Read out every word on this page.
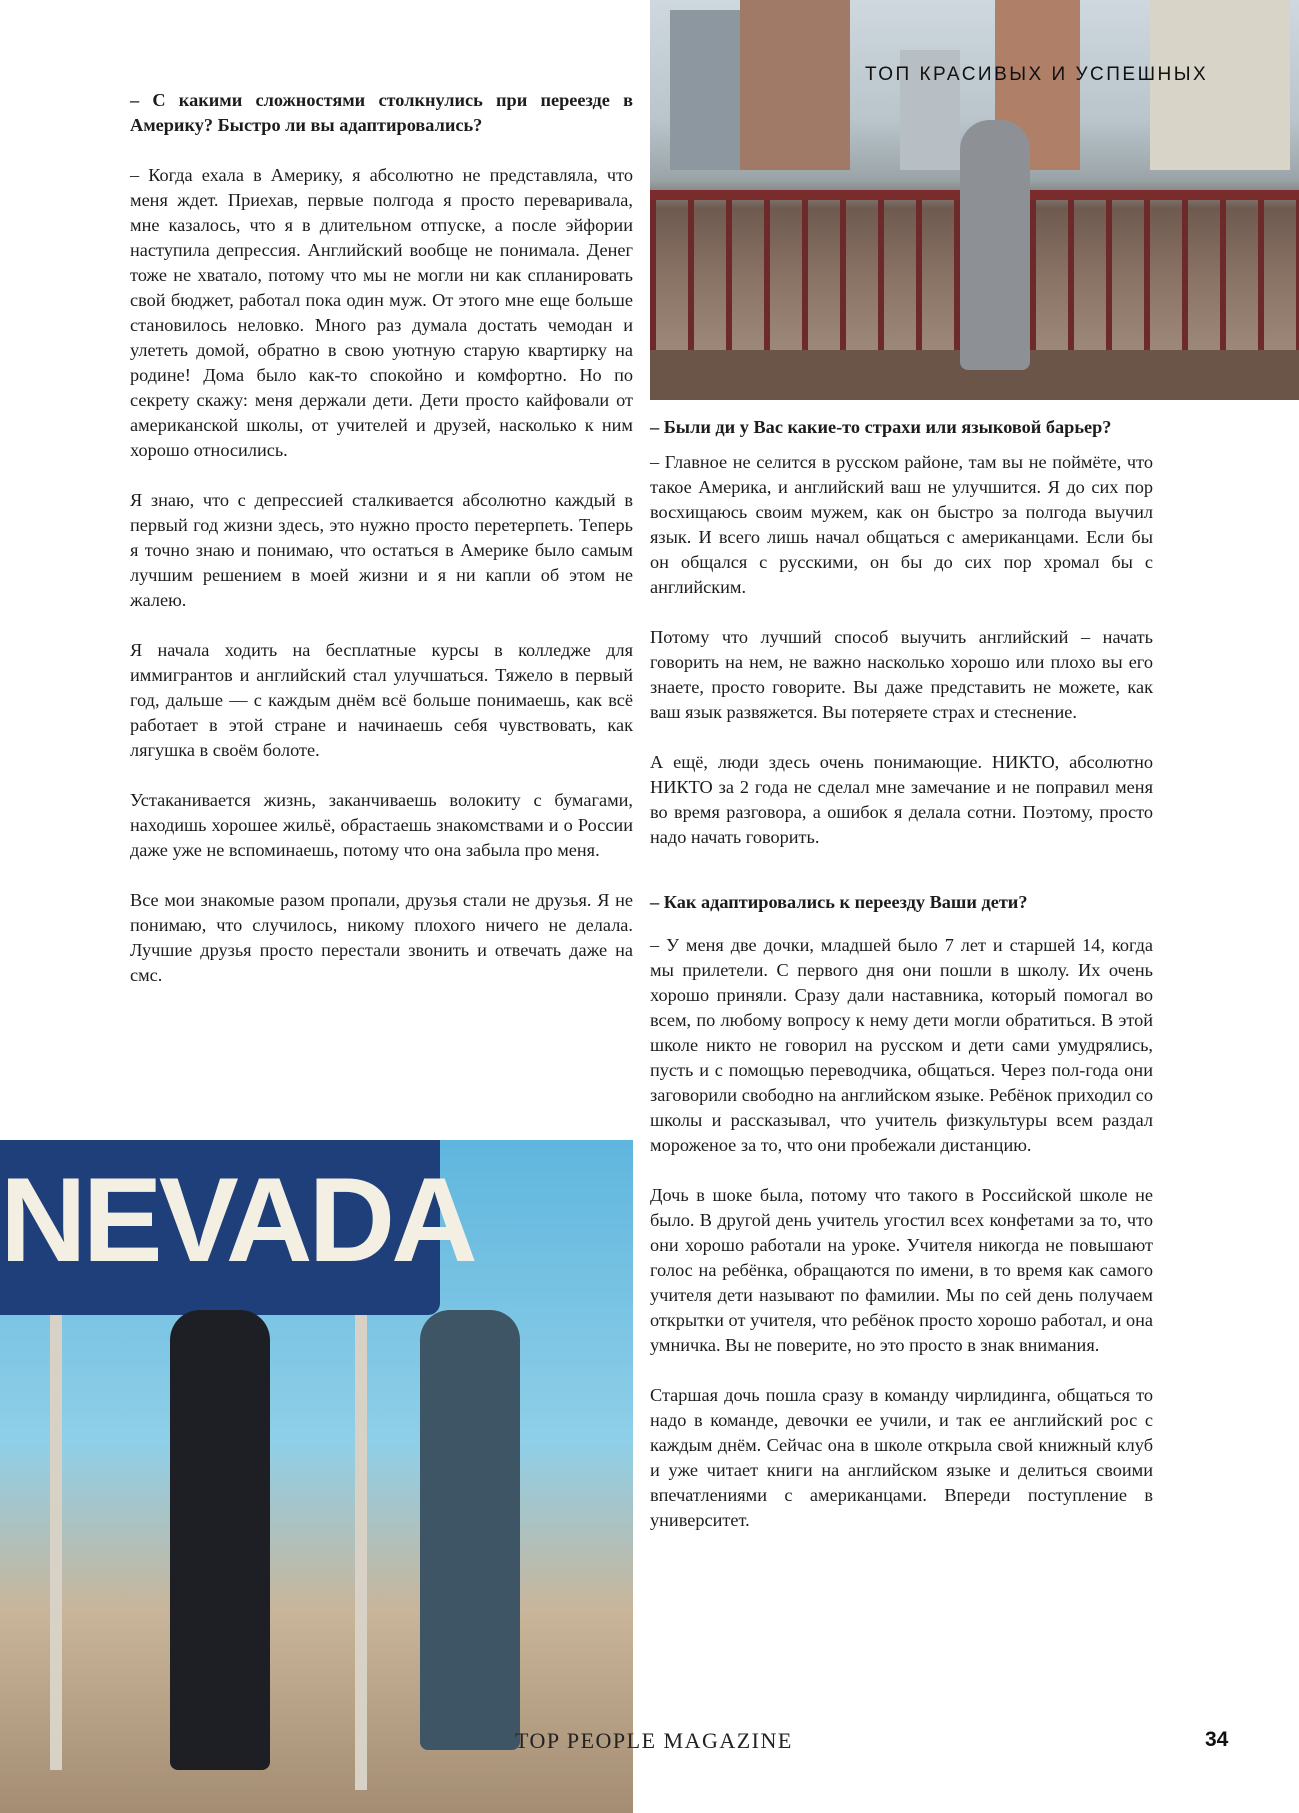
ТОП КРАСИВЫХ И УСПЕШНЫХ
NEVADA
– С какими сложностями столкнулись при переезде в Америку? Быстро ли вы адаптировались?

– Когда ехала в Америку, я абсолютно не представляла, что меня ждет. Приехав, первые полгода я просто переваривала, мне казалось, что я в длительном отпуске, а после эйфории наступила депрессия. Английский вообще не понимала. Денег тоже не хватало, потому что мы не могли ни как спланировать свой бюджет, работал пока один муж. От этого мне еще больше становилось неловко. Много раз думала достать чемодан и улететь домой, обратно в свою уютную старую квартирку на родине! Дома было как-то спокойно и комфортно. Но по секрету скажу: меня держали дети. Дети просто кайфовали от американской школы, от учителей и друзей, насколько к ним хорошо относились.

Я знаю, что с депрессией сталкивается абсолютно каждый в первый год жизни здесь, это нужно просто перетерпеть. Теперь я точно знаю и понимаю, что остаться в Америке было самым лучшим решением в моей жизни и я ни капли об этом не жалею.

Я начала ходить на бесплатные курсы в колледже для иммигрантов и английский стал улучшаться. Тяжело в первый год, дальше — с каждым днём всё больше понимаешь, как всё работает в этой стране и начинаешь себя чувствовать, как лягушка в своём болоте.

Устаканивается жизнь, заканчиваешь волокиту с бумагами, находишь хорошее жильё, обрастаешь знакомствами и о России даже уже не вспоминаешь, потому что она забыла про меня.

Все мои знакомые разом пропали, друзья стали не друзья. Я не понимаю, что случилось, никому плохого ничего не делала. Лучшие друзья просто перестали звонить и отвечать даже на смс.

– Были ди у Вас какие-то страхи или языковой барьер?

– Главное не селится в русском районе, там вы не поймёте, что такое Америка, и английский ваш не улучшится. Я до сих пор восхищаюсь своим мужем, как он быстро за полгода выучил язык. И всего лишь начал общаться с американцами. Если бы он общался с русскими, он бы до сих пор хромал бы с английским.

Потому что лучший способ выучить английский – начать говорить на нем, не важно насколько хорошо или плохо вы его знаете, просто говорите. Вы даже представить не можете, как ваш язык развяжется. Вы потеряете страх и стеснение.

А ещё, люди здесь очень понимающие. НИКТО, абсолютно НИКТО за 2 года не сделал мне замечание и не поправил меня во время разговора, а ошибок я делала сотни. Поэтому, просто надо начать говорить.

– Как адаптировались к переезду Ваши дети?

– У меня две дочки, младшей было 7 лет и старшей 14, когда мы прилетели. С первого дня они пошли в школу. Их очень хорошо приняли. Сразу дали наставника, который помогал во всем, по любому вопросу к нему дети могли обратиться. В этой школе никто не говорил на русском и дети сами умудрялись, пусть и с помощью переводчика, общаться. Через пол-года они заговорили свободно на английском языке. Ребёнок приходил со школы и рассказывал, что учитель физкультуры всем раздал мороженое за то, что они пробежали дистанцию.

Дочь в шоке была, потому что такого в Российской школе не было. В другой день учитель угостил всех конфетами за то, что они хорошо работали на уроке. Учителя никогда не повышают голос на ребёнка, обращаются по имени, в то время как самого учителя дети называют по фамилии. Мы по сей день получаем открытки от учителя, что ребёнок просто хорошо работал, и она умничка. Вы не поверите, но это просто в знак внимания.

Старшая дочь пошла сразу в команду чирлидинга, общаться то надо в команде, девочки ее учили, и так ее английский рос с каждым днём. Сейчас она в школе открыла свой книжный клуб и уже читает книги на английском языке и делиться своими впечатлениями с американцами. Впереди поступление в университет.

TOP PEOPLE MAGAZINE	34
